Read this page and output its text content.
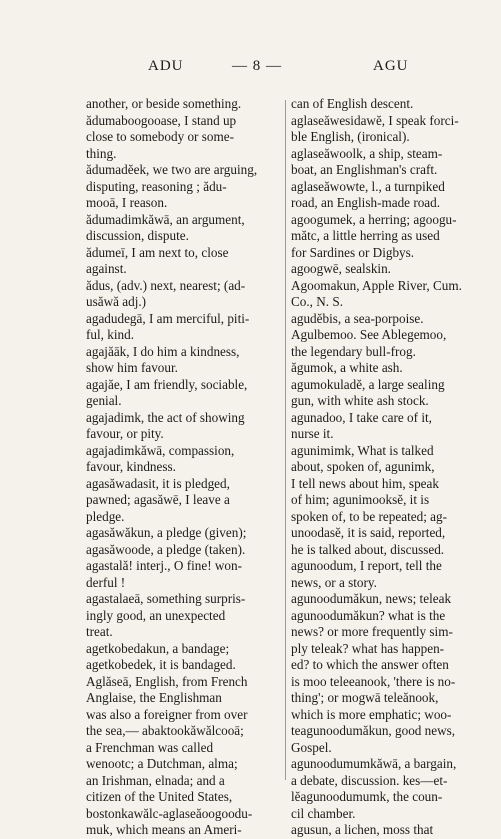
ADU	— 8 —	AGU
another, or beside something.
ădumaboogooase, I stand up
close to somebody or some-
thing.
ădumadĕek, we two are arguing,
disputing, reasoning ; ădu-
mooā, I reason.
ădumadimkăwā, an argument,
discussion, dispute.
ădumeī, I am next to, close
against.
ădus, (adv.) next, nearest; (ad-
usăwă adj.)
agadudegā, I am merciful, piti-
ful, kind.
agajăāk, I do him a kindness,
show him favour.
agajăe, I am friendly, sociable,
genial.
agajadimk, the act of showing
favour, or pity.
agajadimkăwā, compassion,
favour, kindness.
agasăwadasit, it is pledged,
pawned; agasăwē, I leave a
pledge.
agasăwăkun, a pledge (given);
agasăwoode, a pledge (taken).
agastală! interj., O fine! won-
derful !
agastalaeā, something surpris-
ingly good, an unexpected
treat.
agetkobedakun, a bandage;
agetkobedek, it is bandaged.
Aglăseā, English, from French
Anglaise, the Englishman
was also a foreigner from over
the sea,— abaktookăwălcooā;
a Frenchman was called
wenootc; a Dutchman, alma;
an Irishman, elnada; and a
citizen of the United States,
bostonkawălc-aglaseăoogoodu-
muk, which means an Ameri-
can of English descent.
aglaseăwesidawĕ, I speak forci-
ble English, (ironical).
aglaseăwoolk, a ship, steam-
boat, an Englishman's craft.
aglaseăwowte, l., a turnpiked
road, an English-made road.
agoogumek, a herring; agoogu-
mătc, a little herring as used
for Sardines or Digbys.
agoogwē, sealskin.
Agoomakun, Apple River, Cum.
Co., N. S.
agudĕbis, a sea-porpoise.
Agulbemoo. See Ablegemoo,
the legendary bull-frog.
ăgumok, a white ash.
agumokuladĕ, a large sealing
gun, with white ash stock.
agunadoo, I take care of it,
nurse it.
agunimimk, What is talked
about, spoken of, agunimk,
I tell news about him, speak
of him; agunimooksĕ, it is
spoken of, to be repeated; ag-
unoodasĕ, it is said, reported,
he is talked about, discussed.
agunoodum, I report, tell the
news, or a story.
agunoodumăkun, news; teleak
agunoodumăkun? what is the
news? or more frequently sim-
ply teleak? what has happen-
ed? to which the answer often
is moo teleeanook, 'there is no-
thing'; or mogwā teleănook,
which is more emphatic; woo-
teagunoodumăkun, good news,
Gospel.
agunoodumumkăwā, a bargain,
a debate, discussion. kes—et-
lĕagunoodumumk, the coun-
cil chamber.
agusun, a lichen, moss that
